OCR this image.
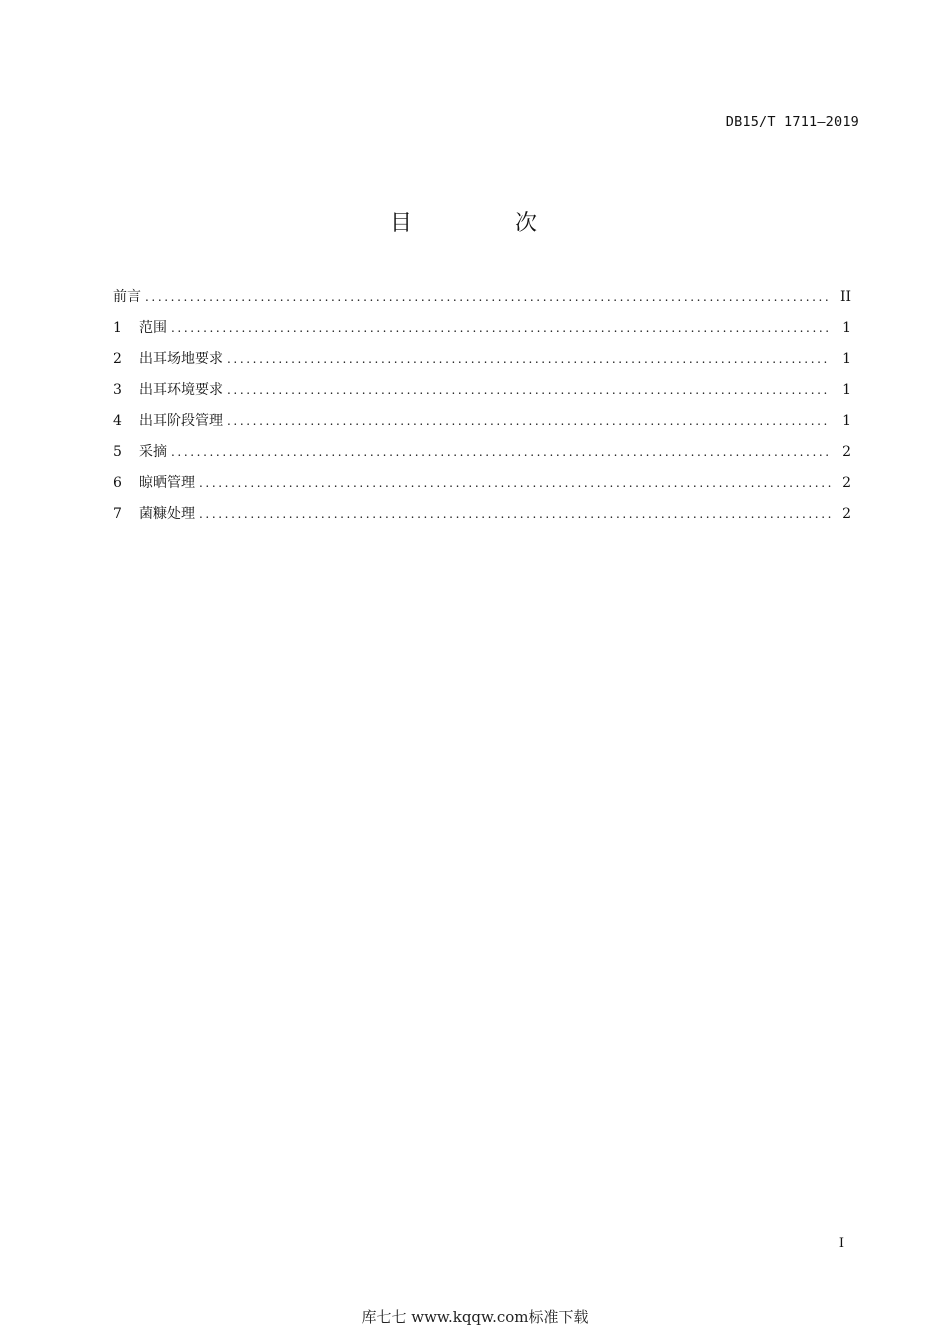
DB15/T 1711—2019
目 次
前言 .....	II
1	范围 .....	1
2	出耳场地要求 .....	1
3	出耳环境要求 .....	1
4	出耳阶段管理 .....	1
5	采摘 .....	2
6	晾晒管理 .....	2
7	菌糠处理 .....	2
I
库七七 www.kqqw.com标准下载
